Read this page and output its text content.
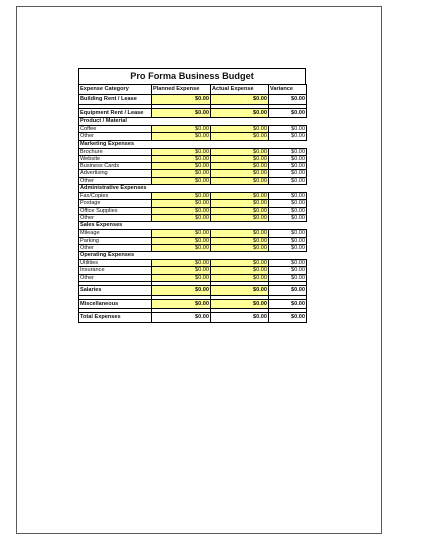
Pro Forma Business Budget
Expense Category	Planned Expense	Actual Expense	Variance
Building Rent / Lease	$0.00	$0.00	$0.00

Equipment Rent / Lease	$0.00	$0.00	$0.00
Product / Material			
Coffee	$0.00	$0.00	$0.00
Other	$0.00	$0.00	$0.00
Marketing Expenses			
Brochure	$0.00	$0.00	$0.00
Website	$0.00	$0.00	$0.00
Business Cards	$0.00	$0.00	$0.00
Advertising	$0.00	$0.00	$0.00
Other	$0.00	$0.00	$0.00
Administrative Expenses			
Fax/Copies	$0.00	$0.00	$0.00
Postage	$0.00	$0.00	$0.00
Office Supplies	$0.00	$0.00	$0.00
Other	$0.00	$0.00	$0.00
Sales Expenses			
Mileage	$0.00	$0.00	$0.00
Parking	$0.00	$0.00	$0.00
Other	$0.00	$0.00	$0.00
Operating Expenses			
Utilities	$0.00	$0.00	$0.00
Insurance	$0.00	$0.00	$0.00
Other	$0.00	$0.00	$0.00

Salaries	$0.00	$0.00	$0.00

Miscellaneous	$0.00	$0.00	$0.00

Total Expenses	$0.00	$0.00	$0.00
